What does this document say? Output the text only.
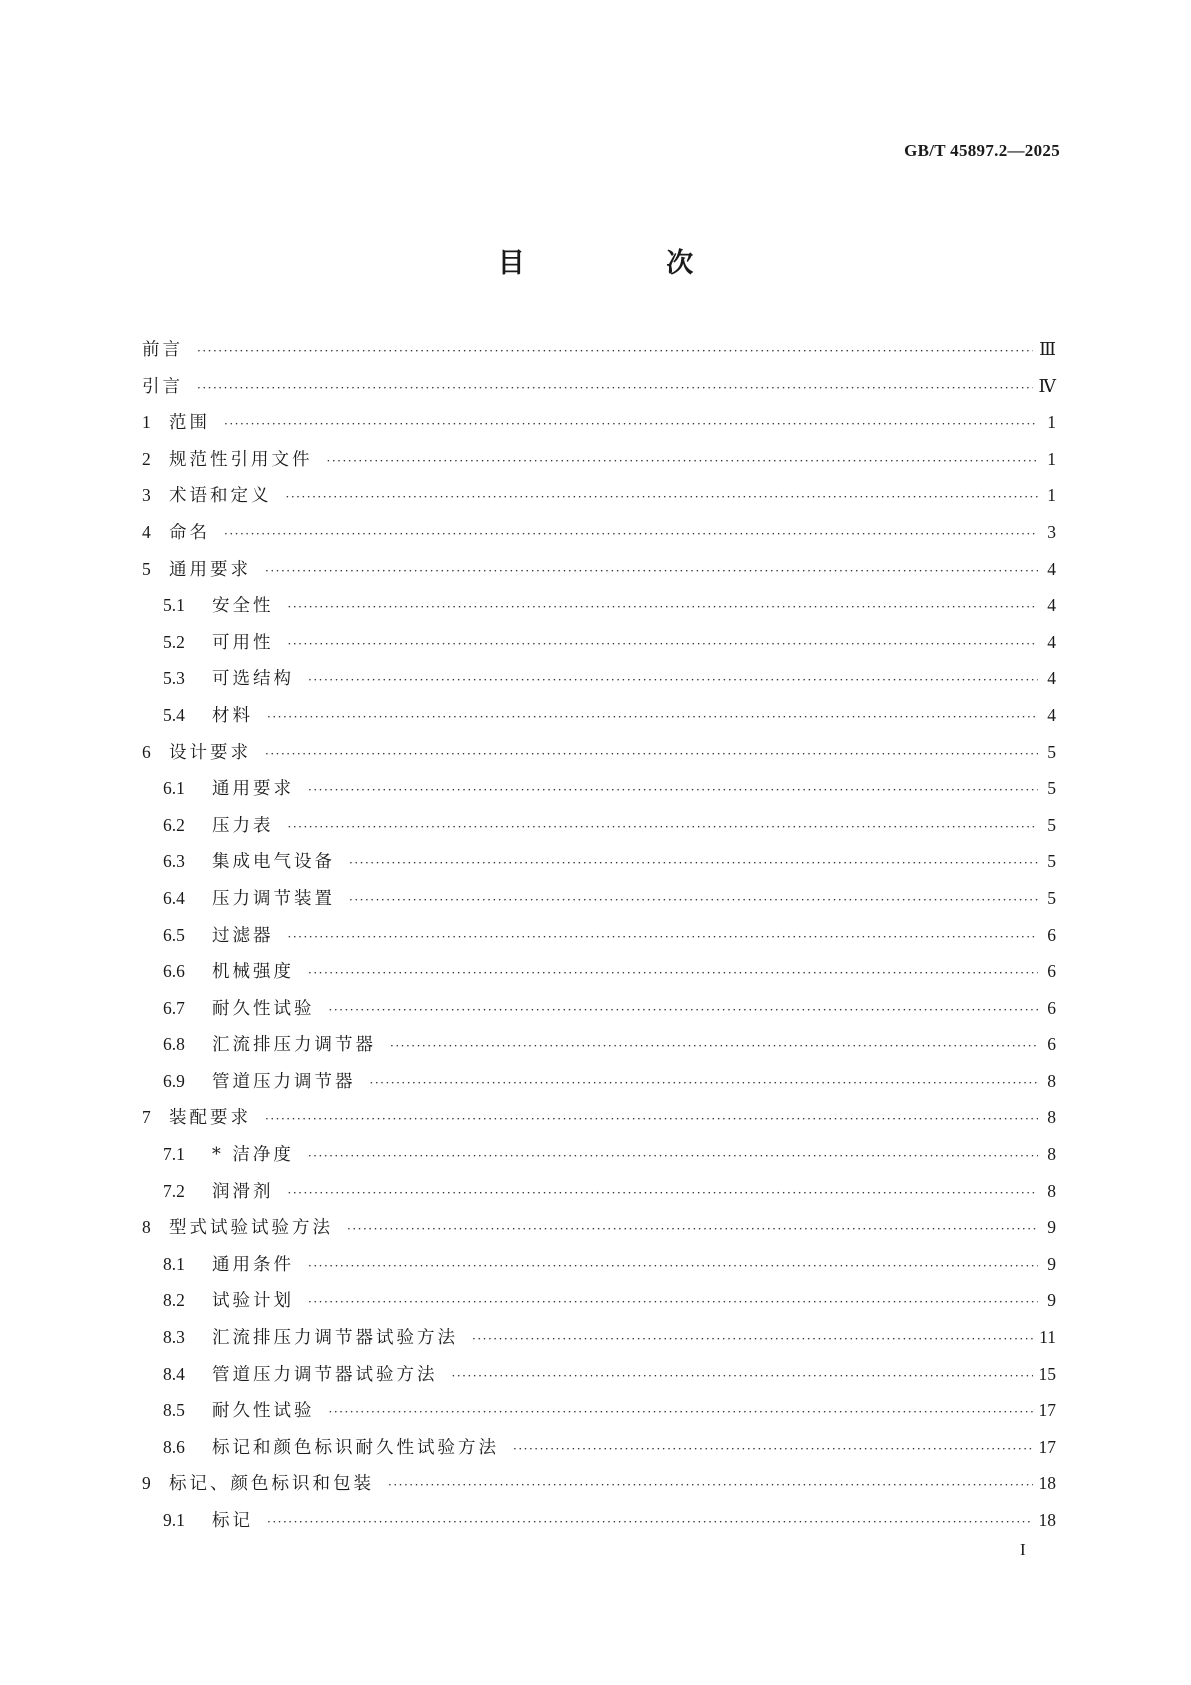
GB/T 45897.2—2025
目 次
前言 ·····	Ⅲ
引言 ·····	Ⅳ
1	范围 ·····	1
2	规范性引用文件 ·····	1
3	术语和定义 ·····	1
4	命名 ·····	3
5	通用要求 ·····	4
5.1	安全性 ·····	4
5.2	可用性 ·····	4
5.3	可选结构 ·····	4
5.4	材料 ·····	4
6	设计要求 ·····	5
6.1	通用要求 ·····	5
6.2	压力表 ·····	5
6.3	集成电气设备 ·····	5
6.4	压力调节装置 ·····	5
6.5	过滤器 ·····	6
6.6	机械强度 ·····	6
6.7	耐久性试验 ·····	6
6.8	汇流排压力调节器 ·····	6
6.9	管道压力调节器 ·····	8
7	装配要求 ·····	8
7.1	* 洁净度 ·····	8
7.2	润滑剂 ·····	8
8	型式试验试验方法 ·····	9
8.1	通用条件 ·····	9
8.2	试验计划 ·····	9
8.3	汇流排压力调节器试验方法 ·····	11
8.4	管道压力调节器试验方法 ·····	15
8.5	耐久性试验 ·····	17
8.6	标记和颜色标识耐久性试验方法 ·····	17
9	标记、颜色标识和包装 ·····	18
9.1	标记 ·····	18
I
